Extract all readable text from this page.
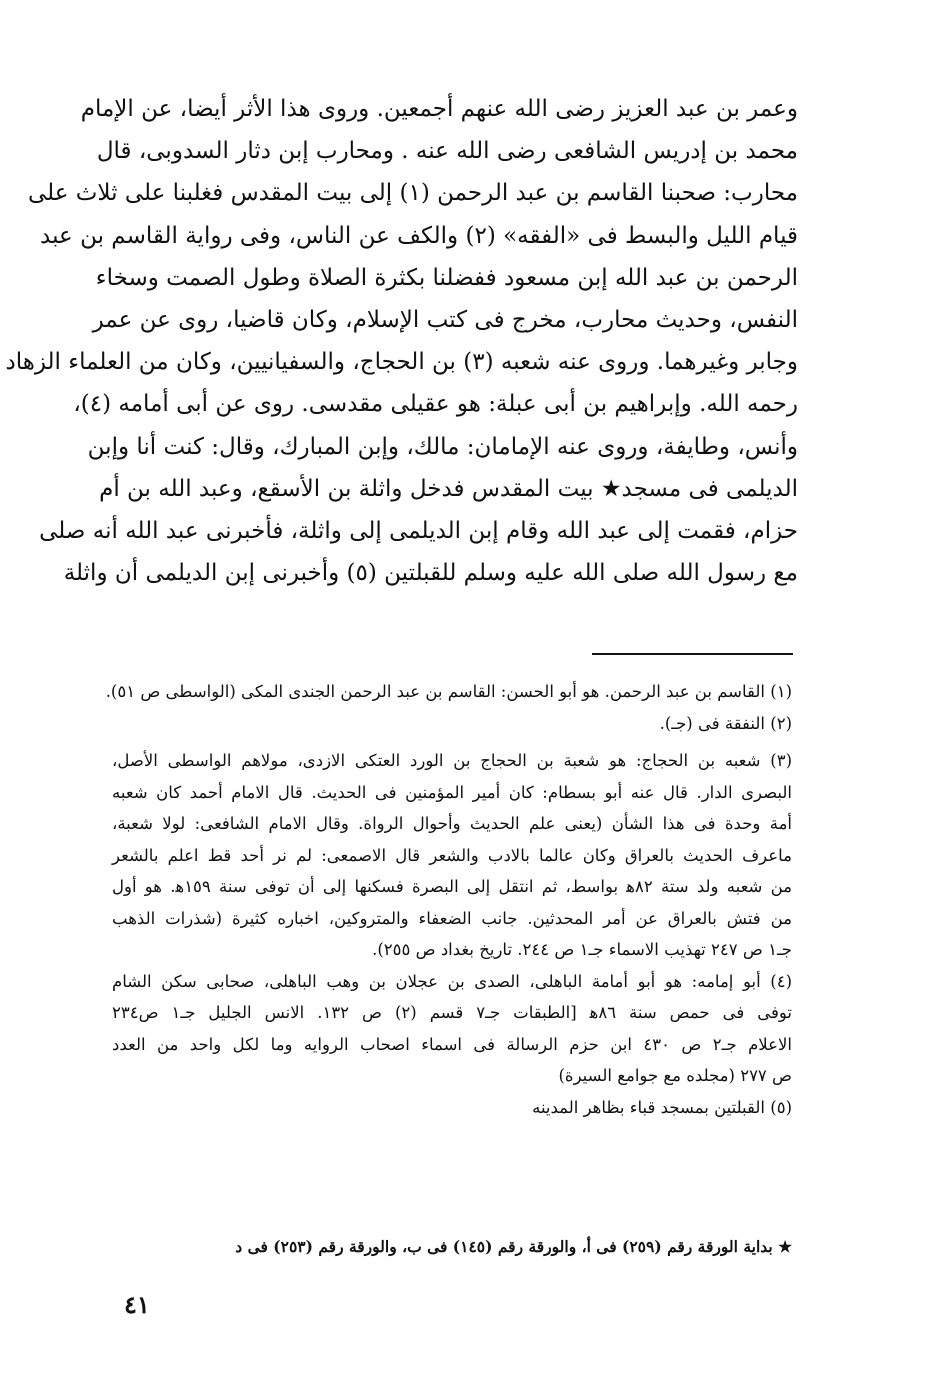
وعمر بن عبد العزيز رضى الله عنهم أجمعين. وروى هذا الأثر أيضا، عن الإمام
محمد بن إدريس الشافعى رضى الله عنه . ومحارب إبن دثار السدوبى، قال
محارب: صحبنا القاسم بن عبد الرحمن (١) إلى بيت المقدس فغلبنا على ثلاث على
قيام الليل والبسط فى «الفقه» (٢) والكف عن الناس، وفى رواية القاسم بن عبد
الرحمن بن عبد الله إبن مسعود ففضلنا بكثرة الصلاة وطول الصمت وسخاء
النفس، وحديث محارب، مخرج فى كتب الإسلام، وكان قاضيا، روى عن عمر
وجابر وغيرهما. وروى عنه شعبه (٣) بن الحجاج، والسفيانيين، وكان من العلماء الزهاد
رحمه الله. وإبراهيم بن أبى عبلة: هو عقيلى مقدسى. روى عن أبى أمامه (٤)،
وأنس، وطايفة، وروى عنه الإمامان: مالك، وإبن المبارك، وقال: كنت أنا وإبن
الديلمى فى مسجد★ بيت المقدس فدخل واثلة بن الأسقع، وعبد الله بن أم
حزام، فقمت إلى عبد الله وقام إبن الديلمى إلى واثلة، فأخبرنى عبد الله أنه صلى
مع رسول الله صلى الله عليه وسلم للقبلتين (٥) وأخبرنى إبن الديلمى أن واثلة
(١) القاسم بن عبد الرحمن. هو أبو الحسن: القاسم بن عبد الرحمن الجندى المكى (الواسطى ص ٥١).
(٢) النفقة فى (جـ).
(٣) شعبه بن الحجاج: هو شعبة بن الحجاج بن الورد العتكى الازدى، مولاهم الواسطى الأصل،
البصرى الدار. قال عنه أبو بسطام: كان أمير المؤمنين فى الحديث. قال الامام أحمد كان شعبه
أمة وحدة فى هذا الشأن (يعنى علم الحديث وأحوال الرواة. وقال الامام الشافعى: لولا شعبة،
ماعرف الحديث بالعراق وكان عالما بالادب والشعر قال الاصمعى: لم نر أحد قط اعلم بالشعر
من شعبه ولد ستة ٨٢ﻫ بواسط، ثم انتقل إلى البصرة فسكنها إلى أن توفى سنة ١٥٩ﻫ. هو أول
من فتش بالعراق عن أمر المحدثين. جانب الضعفاء والمتروكين، اخباره كثيرة (شذرات الذهب
جـ١ ص ٢٤٧ تهذيب الاسماء جـ١ ص ٢٤٤. تاريخ بغداد ص ٢٥٥).
(٤) أبو إمامه: هو أبو أمامة الباهلى، الصدى بن عجلان بن وهب الباهلى، صحابى سكن الشام
توفى فى حمص سنة ٨٦ﻫ [الطبقات جـ٧ قسم (٢) ص ١٣٢. الانس الجليل جـ١ ص٢٣٤
الاعلام جـ٢ ص ٤٣٠ ابن حزم الرسالة فى اسماء اصحاب الروايه وما لكل واحد من العدد
ص ٢٧٧ (مجلده مع جوامع السيرة)
(٥) القبلتين بمسجد قباء بظاهر المدينه
★ بداية الورقة رقم (٢٥٩) فى أ، والورقة رقم (١٤٥) فى ب، والورقة رقم (٢٥٣) فى د
٤١
